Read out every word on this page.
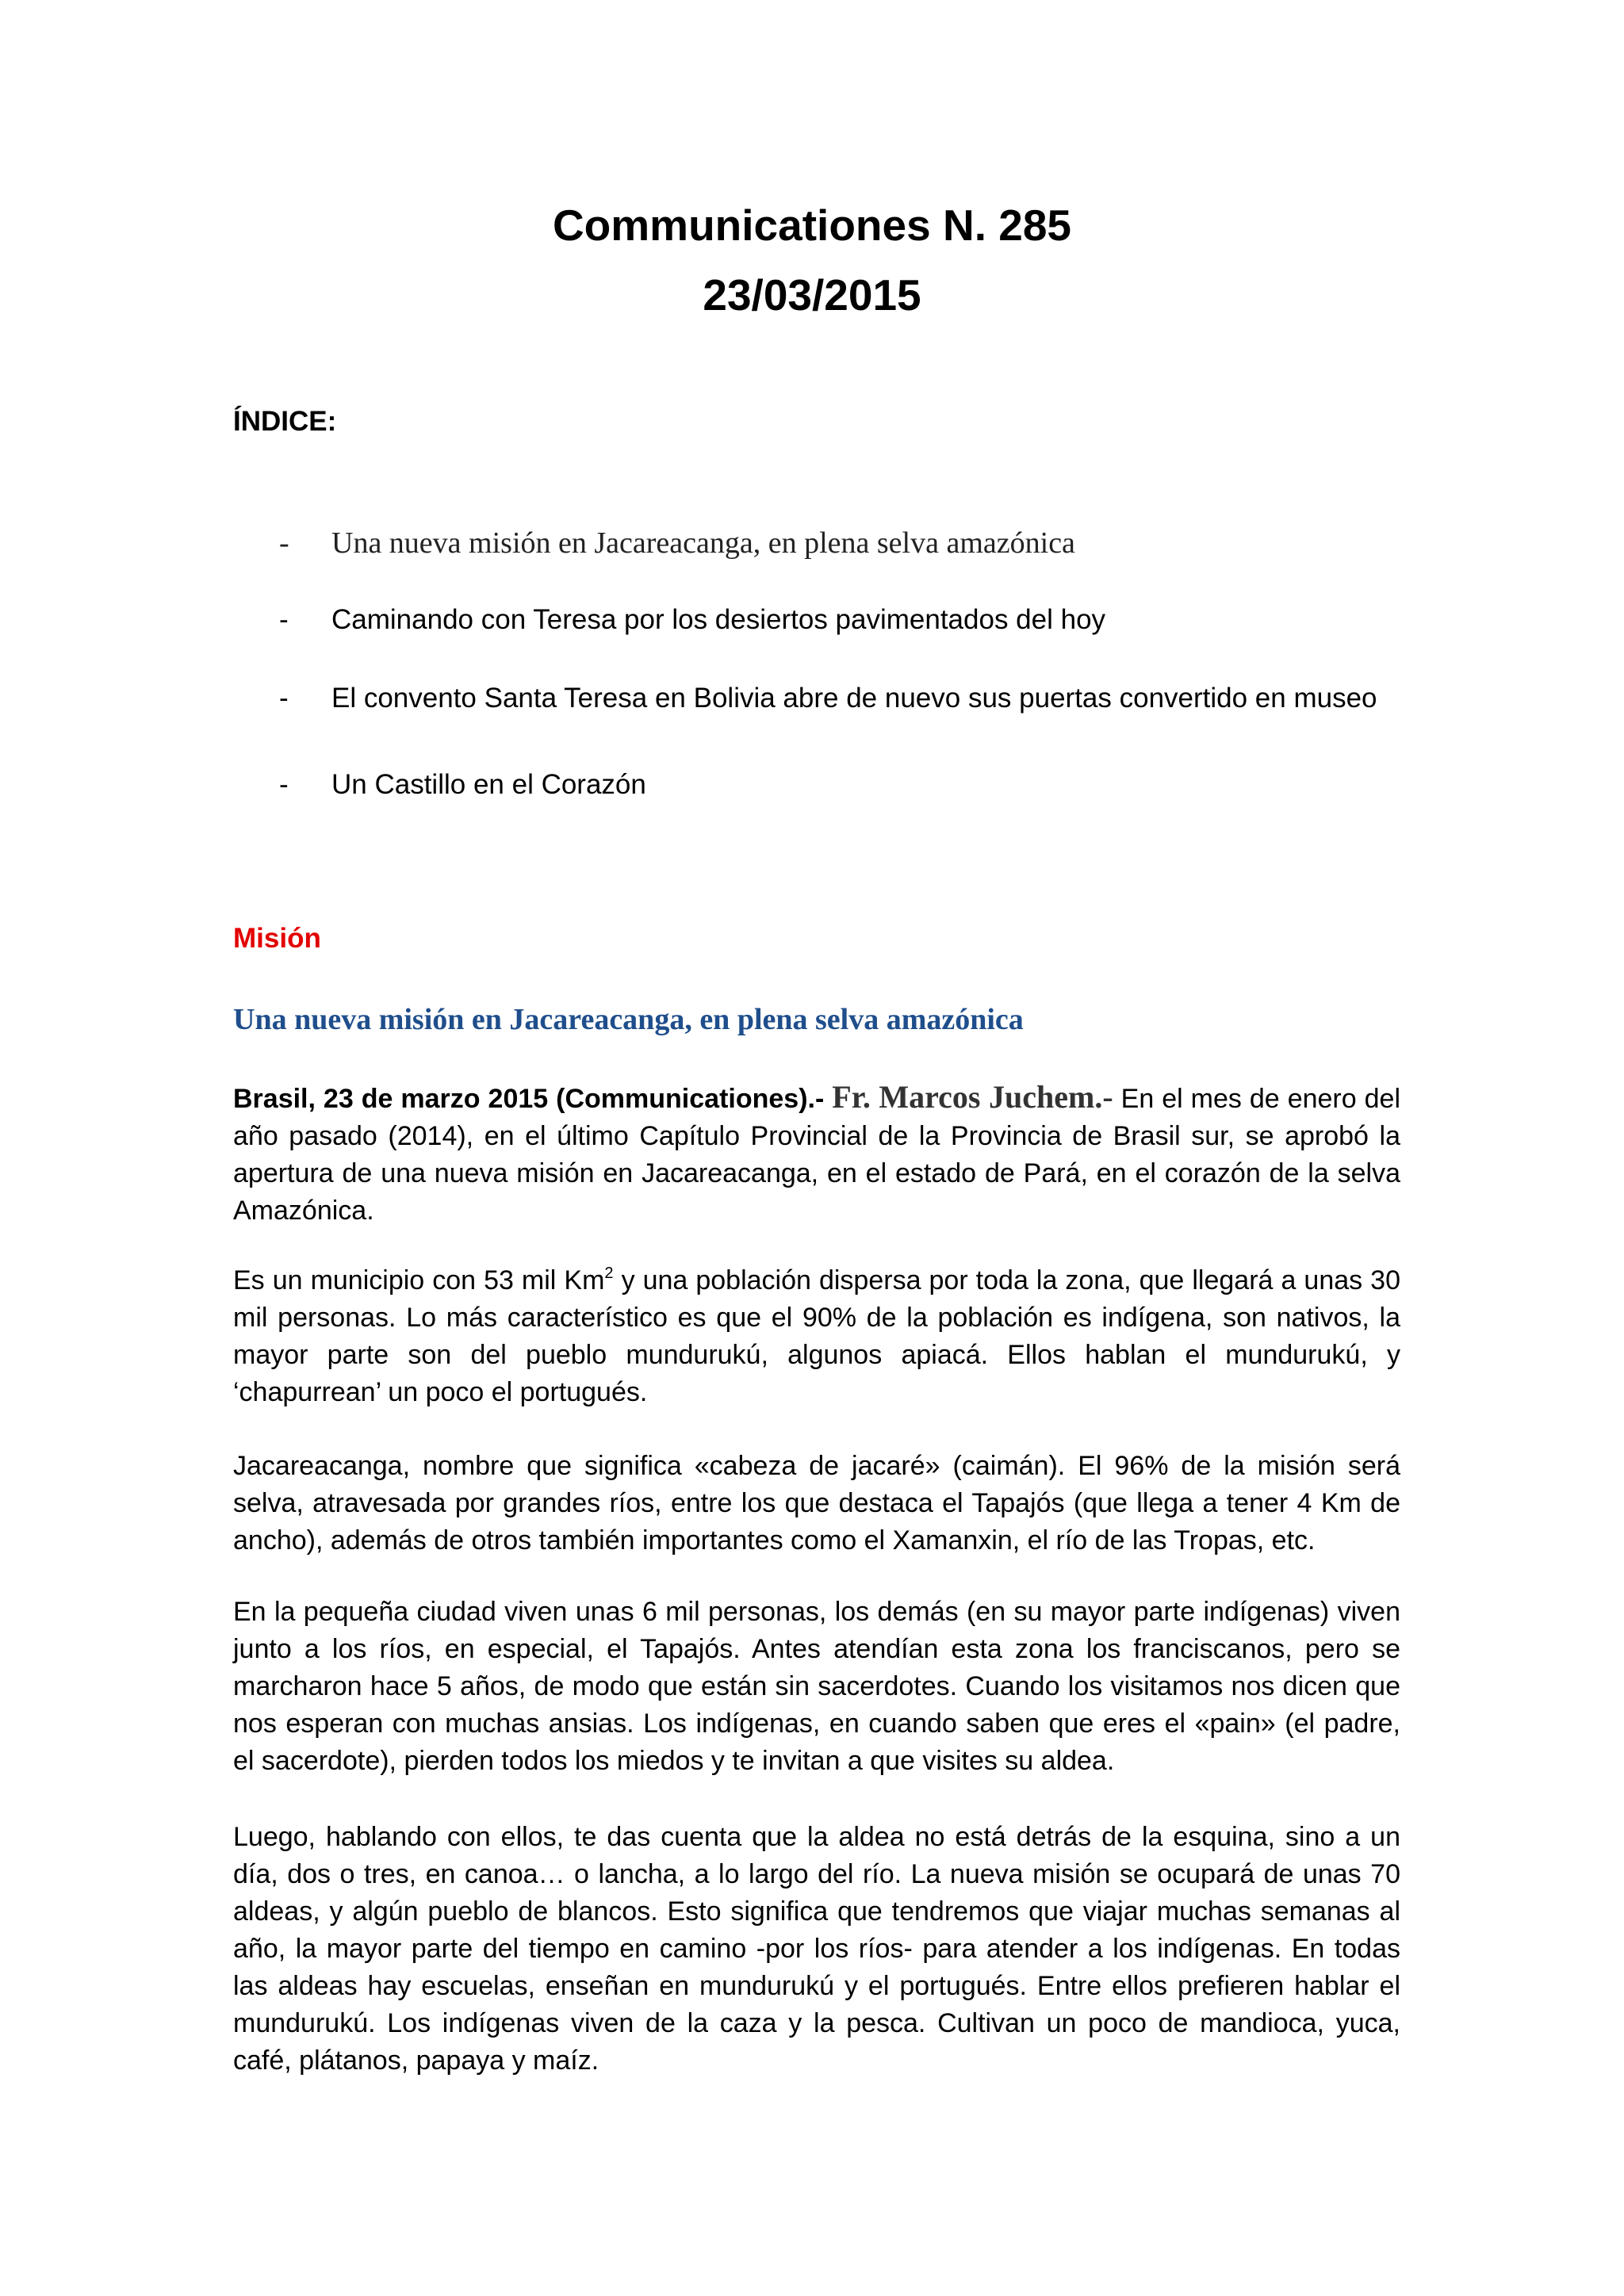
Communicationes N. 285
23/03/2015
ÍNDICE:
- Una nueva misión en Jacareacanga, en plena selva amazónica
- Caminando con Teresa por los desiertos pavimentados del hoy
- El convento Santa Teresa en Bolivia abre de nuevo sus puertas convertido en museo
- Un Castillo en el Corazón
Misión
Una nueva misión en Jacareacanga, en plena selva amazónica

Brasil, 23 de marzo 2015 (Communicationes).- Fr. Marcos Juchem.- En el mes de enero del año pasado (2014), en el último Capítulo Provincial de la Provincia de Brasil sur, se aprobó la apertura de una nueva misión en Jacareacanga, en el estado de Pará, en el corazón de la selva Amazónica.

Es un municipio con 53 mil Km$^2$ y una población dispersa por toda la zona, que llegará a unas 30 mil personas. Lo más característico es que el 90% de la población es indígena, son nativos, la mayor parte son del pueblo mundurukú, algunos apiacá. Ellos hablan el mundurukú, y ‘chapurrean’ un poco el portugués.

Jacareacanga, nombre que significa «cabeza de jacaré» (caimán). El 96% de la misión será selva, atravesada por grandes ríos, entre los que destaca el Tapajós (que llega a tener 4 Km de ancho), además de otros también importantes como el Xamanxin, el río de las Tropas, etc.

En la pequeña ciudad viven unas 6 mil personas, los demás (en su mayor parte indígenas) viven junto a los ríos, en especial, el Tapajós. Antes atendían esta zona los franciscanos, pero se marcharon hace 5 años, de modo que están sin sacerdotes. Cuando los visitamos nos dicen que nos esperan con muchas ansias. Los indígenas, en cuando saben que eres el «pain» (el padre, el sacerdote), pierden todos los miedos y te invitan a que visites su aldea.

Luego, hablando con ellos, te das cuenta que la aldea no está detrás de la esquina, sino a un día, dos o tres, en canoa… o lancha, a lo largo del río. La nueva misión se ocupará de unas 70 aldeas, y algún pueblo de blancos. Esto significa que tendremos que viajar muchas semanas al año, la mayor parte del tiempo en camino -por los ríos- para atender a los indígenas. En todas las aldeas hay escuelas, enseñan en mundurukú y el portugués. Entre ellos prefieren hablar el mundurukú. Los indígenas viven de la caza y la pesca. Cultivan un poco de mandioca, yuca, café, plátanos, papaya y maíz.
